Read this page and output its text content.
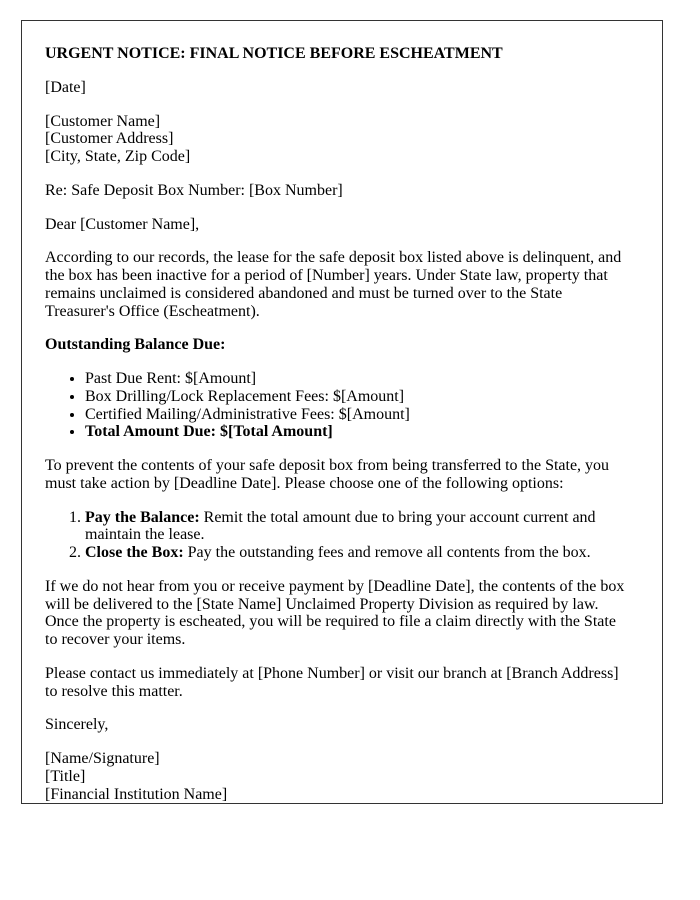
URGENT NOTICE: FINAL NOTICE BEFORE ESCHEATMENT

[Date]

[Customer Name]
[Customer Address]
[City, State, Zip Code]

Re: Safe Deposit Box Number: [Box Number]

Dear [Customer Name],

According to our records, the lease for the safe deposit box listed above is delinquent, and the box has been inactive for a period of [Number] years. Under State law, property that remains unclaimed is considered abandoned and must be turned over to the State Treasurer's Office (Escheatment).

Outstanding Balance Due:

• Past Due Rent: $[Amount]
• Box Drilling/Lock Replacement Fees: $[Amount]
• Certified Mailing/Administrative Fees: $[Amount]
• Total Amount Due: $[Total Amount]

To prevent the contents of your safe deposit box from being transferred to the State, you must take action by [Deadline Date]. Please choose one of the following options:

1. Pay the Balance: Remit the total amount due to bring your account current and maintain the lease.
2. Close the Box: Pay the outstanding fees and remove all contents from the box.

If we do not hear from you or receive payment by [Deadline Date], the contents of the box will be delivered to the [State Name] Unclaimed Property Division as required by law. Once the property is escheated, you will be required to file a claim directly with the State to recover your items.

Please contact us immediately at [Phone Number] or visit our branch at [Branch Address] to resolve this matter.

Sincerely,

[Name/Signature]
[Title]
[Financial Institution Name]
